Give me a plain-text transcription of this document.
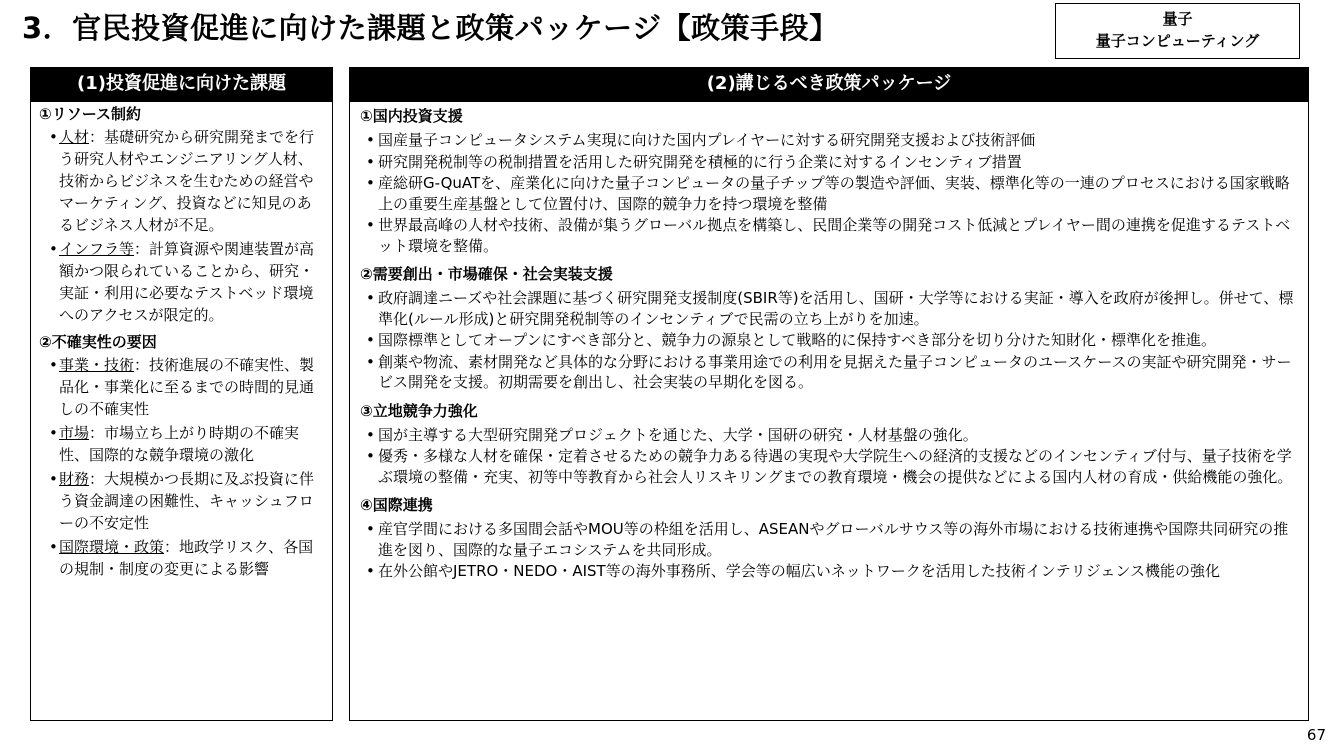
3．官民投資促進に向けた課題と政策パッケージ【政策手段】	量子
量子コンピューティング
(1)投資促進に向けた課題
①リソース制約
• 人材：基礎研究から研究開発までを行う研究人材やエンジニアリング人材、技術からビジネスを生むための経営やマーケティング、投資などに知見のあるビジネス人材が不足。
• インフラ等：計算資源や関連装置が高額かつ限られていることから、研究・実証・利用に必要なテストベッド環境へのアクセスが限定的。
②不確実性の要因
• 事業・技術：技術進展の不確実性、製品化・事業化に至るまでの時間的見通しの不確実性
• 市場：市場立ち上がり時期の不確実性、国際的な競争環境の激化
• 財務：大規模かつ長期に及ぶ投資に伴う資金調達の困難性、キャッシュフローの不安定性
• 国際環境・政策：地政学リスク、各国の規制・制度の変更による影響
(2)講じるべき政策パッケージ
①国内投資支援
• 国産量子コンピュータシステム実現に向けた国内プレイヤーに対する研究開発支援および技術評価
• 研究開発税制等の税制措置を活用した研究開発を積極的に行う企業に対するインセンティブ措置
• 産総研G-QuATを、産業化に向けた量子コンピュータの量子チップ等の製造や評価、実装、標準化等の一連のプロセスにおける国家戦略上の重要生産基盤として位置付け、国際的競争力を持つ環境を整備
• 世界最高峰の人材や技術、設備が集うグローバル拠点を構築し、民間企業等の開発コスト低減とプレイヤー間の連携を促進するテストベット環境を整備。
②需要創出・市場確保・社会実装支援
• 政府調達ニーズや社会課題に基づく研究開発支援制度(SBIR等)を活用し、国研・大学等における実証・導入を政府が後押し。併せて、標準化(ルール形成)と研究開発税制等のインセンティブで民需の立ち上がりを加速。
• 国際標準としてオープンにすべき部分と、競争力の源泉として戦略的に保持すべき部分を切り分けた知財化・標準化を推進。
• 創薬や物流、素材開発など具体的な分野における事業用途での利用を見据えた量子コンピュータのユースケースの実証や研究開発・サービス開発を支援。初期需要を創出し、社会実装の早期化を図る。
③立地競争力強化
• 国が主導する大型研究開発プロジェクトを通じた、大学・国研の研究・人材基盤の強化。
• 優秀・多様な人材を確保・定着させるための競争力ある待遇の実現や大学院生への経済的支援などのインセンティブ付与、量子技術を学ぶ環境の整備・充実、初等中等教育から社会人リスキリングまでの教育環境・機会の提供などによる国内人材の育成・供給機能の強化。
④国際連携
• 産官学間における多国間会話やMOU等の枠組を活用し、ASEANやグローバルサウス等の海外市場における技術連携や国際共同研究の推進を図り、国際的な量子エコシステムを共同形成。
• 在外公館やJETRO・NEDO・AIST等の海外事務所、学会等の幅広いネットワークを活用した技術インテリジェンス機能の強化
67
